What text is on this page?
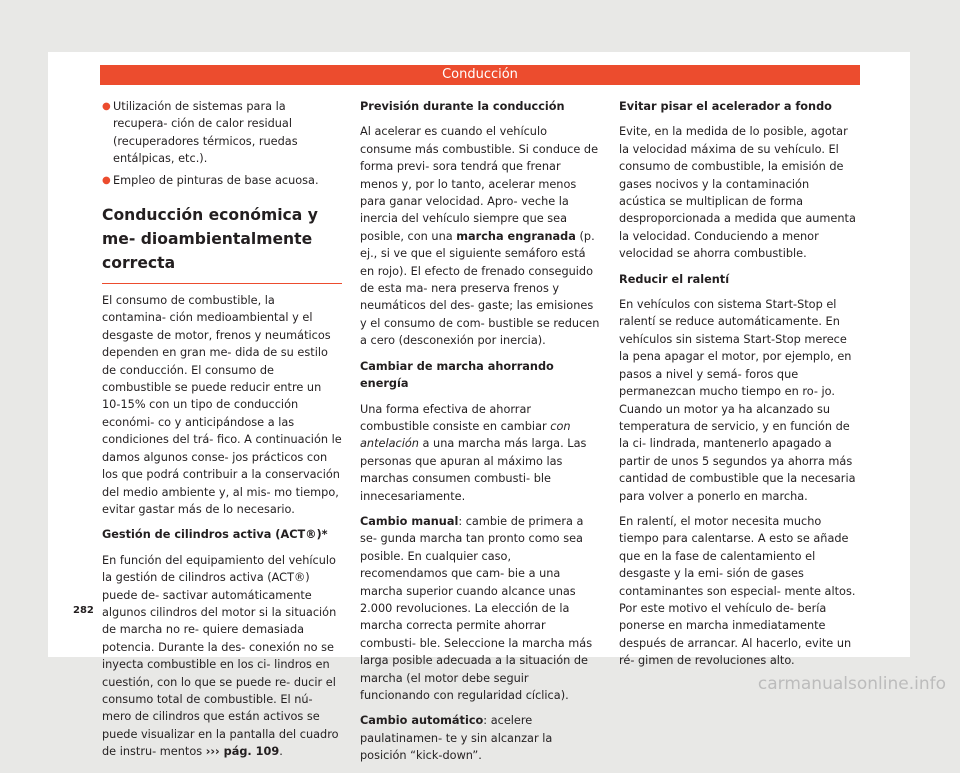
Conducción
● Utilización de sistemas para la recupera- ción de calor residual (recuperadores térmicos, ruedas entálpicas, etc.).
● Empleo de pinturas de base acuosa.
Conducción económica y me- dioambientalmente correcta

El consumo de combustible, la contamina- ción medioambiental y el desgaste de motor, frenos y neumáticos dependen en gran me- dida de su estilo de conducción. El consumo de combustible se puede reducir entre un 10-15% con un tipo de conducción económi- co y anticipándose a las condiciones del trá- fico. A continuación le damos algunos conse- jos prácticos con los que podrá contribuir a la conservación del medio ambiente y, al mis- mo tiempo, evitar gastar más de lo necesario.

Gestión de cilindros activa (ACT®)*

En función del equipamiento del vehículo la gestión de cilindros activa (ACT®) puede de- sactivar automáticamente algunos cilindros del motor si la situación de marcha no re- quiere demasiada potencia. Durante la des- conexión no se inyecta combustible en los ci- lindros en cuestión, con lo que se puede re- ducir el consumo total de combustible. El nú- mero de cilindros que están activos se puede visualizar en la pantalla del cuadro de instru- mentos ››› pág. 109.

Previsión durante la conducción

Al acelerar es cuando el vehículo consume más combustible. Si conduce de forma previ- sora tendrá que frenar menos y, por lo tanto, acelerar menos para ganar velocidad. Apro- veche la inercia del vehículo siempre que sea posible, con una marcha engranada (p. ej., si ve que el siguiente semáforo está en rojo). El efecto de frenado conseguido de esta ma- nera preserva frenos y neumáticos del des- gaste; las emisiones y el consumo de com- bustible se reducen a cero (desconexión por inercia).

Cambiar de marcha ahorrando energía

Una forma efectiva de ahorrar combustible consiste en cambiar con antelación a una marcha más larga. Las personas que apuran al máximo las marchas consumen combusti- ble innecesariamente.

Cambio manual: cambie de primera a se- gunda marcha tan pronto como sea posible. En cualquier caso, recomendamos que cam- bie a una marcha superior cuando alcance unas 2.000 revoluciones. La elección de la marcha correcta permite ahorrar combusti- ble. Seleccione la marcha más larga posible adecuada a la situación de marcha (el motor debe seguir funcionando con regularidad cíclica).

Cambio automático: acelere paulatinamen- te y sin alcanzar la posición “kick-down”.

Evitar pisar el acelerador a fondo

Evite, en la medida de lo posible, agotar la velocidad máxima de su vehículo. El consumo de combustible, la emisión de gases nocivos y la contaminación acústica se multiplican de forma desproporcionada a medida que aumenta la velocidad. Conduciendo a menor velocidad se ahorra combustible.

Reducir el ralentí

En vehículos con sistema Start-Stop el ralentí se reduce automáticamente. En vehículos sin sistema Start-Stop merece la pena apagar el motor, por ejemplo, en pasos a nivel y semá- foros que permanezcan mucho tiempo en ro- jo. Cuando un motor ya ha alcanzado su temperatura de servicio, y en función de la ci- lindrada, mantenerlo apagado a partir de unos 5 segundos ya ahorra más cantidad de combustible que la necesaria para volver a ponerlo en marcha.

En ralentí, el motor necesita mucho tiempo para calentarse. A esto se añade que en la fase de calentamiento el desgaste y la emi- sión de gases contaminantes son especial- mente altos. Por este motivo el vehículo de- bería ponerse en marcha inmediatamente después de arrancar. Al hacerlo, evite un ré- gimen de revoluciones alto.

282
carmanualsonline.info
